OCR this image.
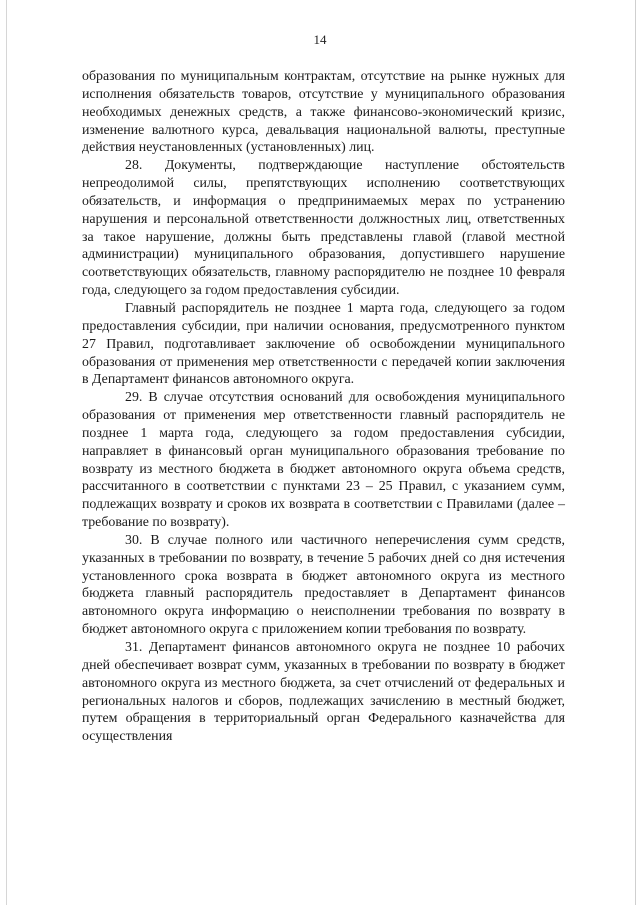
14

образования по муниципальным контрактам, отсутствие на рынке нужных для исполнения обязательств товаров, отсутствие у муниципального образования необходимых денежных средств, а также финансово-экономический кризис, изменение валютного курса, девальвация национальной валюты, преступные действия неустановленных (установленных) лиц.

28. Документы, подтверждающие наступление обстоятельств непреодолимой силы, препятствующих исполнению соответствующих обязательств, и информация о предпринимаемых мерах по устранению нарушения и персональной ответственности должностных лиц, ответственных за такое нарушение, должны быть представлены главой (главой местной администрации) муниципального образования, допустившего нарушение соответствующих обязательств, главному распорядителю не позднее 10 февраля года, следующего за годом предоставления субсидии.

Главный распорядитель не позднее 1 марта года, следующего за годом предоставления субсидии, при наличии основания, предусмотренного пунктом 27 Правил, подготавливает заключение об освобождении муниципального образования от применения мер ответственности с передачей копии заключения в Департамент финансов автономного округа.

29. В случае отсутствия оснований для освобождения муниципального образования от применения мер ответственности главный распорядитель не позднее 1 марта года, следующего за годом предоставления субсидии, направляет в финансовый орган муниципального образования требование по возврату из местного бюджета в бюджет автономного округа объема средств, рассчитанного в соответствии с пунктами 23 – 25 Правил, с указанием сумм, подлежащих возврату и сроков их возврата в соответствии с Правилами (далее – требование по возврату).

30. В случае полного или частичного неперечисления сумм средств, указанных в требовании по возврату, в течение 5 рабочих дней со дня истечения установленного срока возврата в бюджет автономного округа из местного бюджета главный распорядитель предоставляет в Департамент финансов автономного округа информацию о неисполнении требования по возврату в бюджет автономного округа с приложением копии требования по возврату.

31. Департамент финансов автономного округа не позднее 10 рабочих дней обеспечивает возврат сумм, указанных в требовании по возврату в бюджет автономного округа из местного бюджета, за счет отчислений от федеральных и региональных налогов и сборов, подлежащих зачислению в местный бюджет, путем обращения в территориальный орган Федерального казначейства для осуществления
